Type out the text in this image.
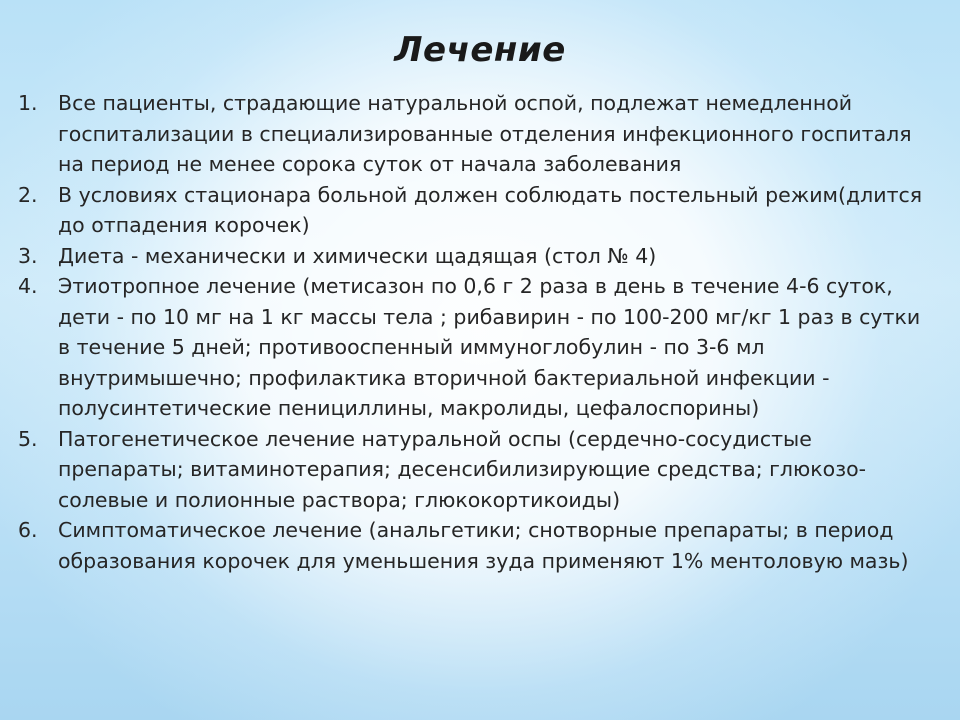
Лечение
1. Все пациенты, страдающие натуральной оспой, подлежат немедленной госпитализации в специализированные отделения инфекционного госпиталя на период не менее сорока суток от начала заболевания
2. В условиях стационара больной должен соблюдать постельный режим(длится до отпадения корочек)
3. Диета - механически и химически щадящая (стол № 4)
4. Этиотропное лечение (метисазон по 0,6 г 2 раза в день в течение 4-6 суток, дети - по 10 мг на 1 кг массы тела ; рибавирин - по 100-200 мг/кг 1 раз в сутки в течение 5 дней; противооспенный иммуноглобулин - по 3-6 мл внутримышечно; профилактика вторичной бактериальной инфекции - полусинтетические пенициллины, макролиды, цефалоспорины)
5. Патогенетическое лечение натуральной оспы (сердечно-сосудистые препараты; витаминотерапия; десенсибилизирующие средства; глюкозо-солевые и полионные раствора; глюкокортикоиды)
6. Симптоматическое лечение (анальгетики; снотворные препараты; в период образования корочек для уменьшения зуда применяют 1% ментоловую мазь)
